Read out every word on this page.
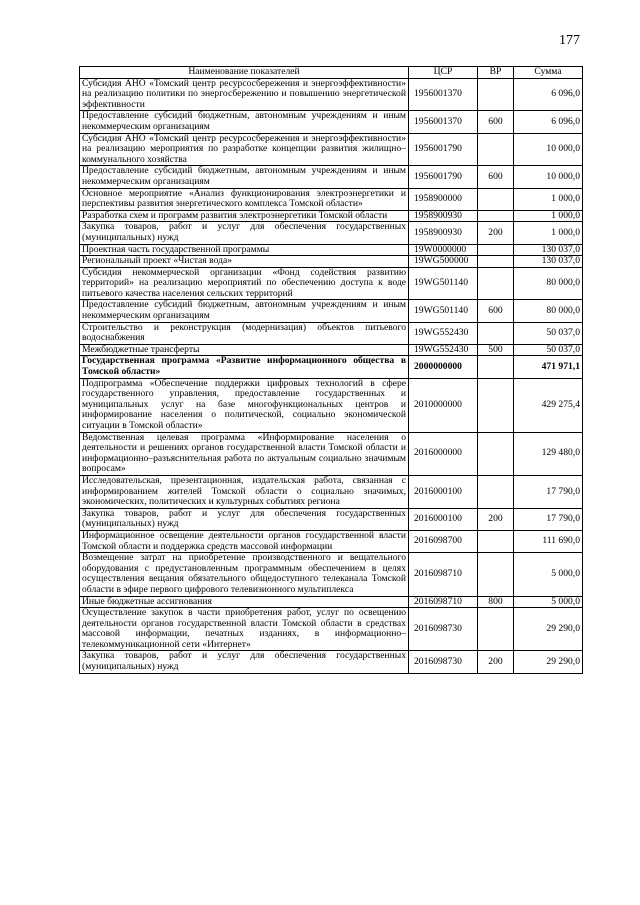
177
Наименование показателей	ЦСР	ВР	Сумма
Субсидия АНО «Томский центр ресурсосбережения и энергоэффективности» на реализацию политики по энергосбережению и повышению энергетической эффективности	1956001370		6 096,0
Предоставление субсидий бюджетным, автономным учреждениям и иным некоммерческим организациям	1956001370	600	6 096,0
Субсидия АНО «Томский центр ресурсосбережения и энергоэффективности» на реализацию мероприятия по разработке концепции развития жилищно–коммунального хозяйства	1956001790		10 000,0
Предоставление субсидий бюджетным, автономным учреждениям и иным некоммерческим организациям	1956001790	600	10 000,0
Основное мероприятие «Анализ функционирования электроэнергетики и перспективы развития энергетического комплекса Томской области»	1958900000		1 000,0
Разработка схем и программ развития электроэнергетики Томской области	1958900930		1 000,0
Закупка товаров, работ и услуг для обеспечения государственных (муниципальных) нужд	1958900930	200	1 000,0
Проектная часть государственной программы	19W0000000		130 037,0
Региональный проект «Чистая вода»	19WG500000		130 037,0
Субсидия некоммерческой организации «Фонд содействия развитию территорий» на реализацию мероприятий по обеспечению доступа к воде питьевого качества населения сельских территорий	19WG501140		80 000,0
Предоставление субсидий бюджетным, автономным учреждениям и иным некоммерческим организациям	19WG501140	600	80 000,0
Строительство и реконструкция (модернизация) объектов питьевого водоснабжения	19WG552430		50 037,0
Межбюджетные трансферты	19WG552430	500	50 037,0
Государственная программа «Развитие информационного общества в Томской области»	2000000000		471 971,1
Подпрограмма «Обеспечение поддержки цифровых технологий в сфере государственного управления, предоставление государственных и муниципальных услуг на базе многофункциональных центров и информирование населения о политической, социально экономической ситуации в Томской области»	2010000000		429 275,4
Ведомственная целевая программа «Информирование населения о деятельности и решениях органов государственной власти Томской области и информационно–разъяснительная работа по актуальным социально значимым вопросам»	2016000000		129 480,0
Исследовательская, презентационная, издательская работа, связанная с информированием жителей Томской области о социально значимых, экономических, политических и культурных событиях региона	2016000100		17 790,0
Закупка товаров, работ и услуг для обеспечения государственных (муниципальных) нужд	2016000100	200	17 790,0
Информационное освещение деятельности органов государственной власти Томской области и поддержка средств массовой информации	2016098700		111 690,0
Возмещение затрат на приобретение производственного и вещательного оборудования с предустановленным программным обеспечением в целях осуществления вещания обязательного общедоступного телеканала Томской области в эфире первого цифрового телевизионного мультиплекса	2016098710		5 000,0
Иные бюджетные ассигнования	2016098710	800	5 000,0
Осуществление закупок в части приобретения работ, услуг по освещению деятельности органов государственной власти Томской области в средствах массовой информации, печатных изданиях, в информационно–телекоммуникационной сети «Интернет»	2016098730		29 290,0
Закупка товаров, работ и услуг для обеспечения государственных (муниципальных) нужд	2016098730	200	29 290,0
